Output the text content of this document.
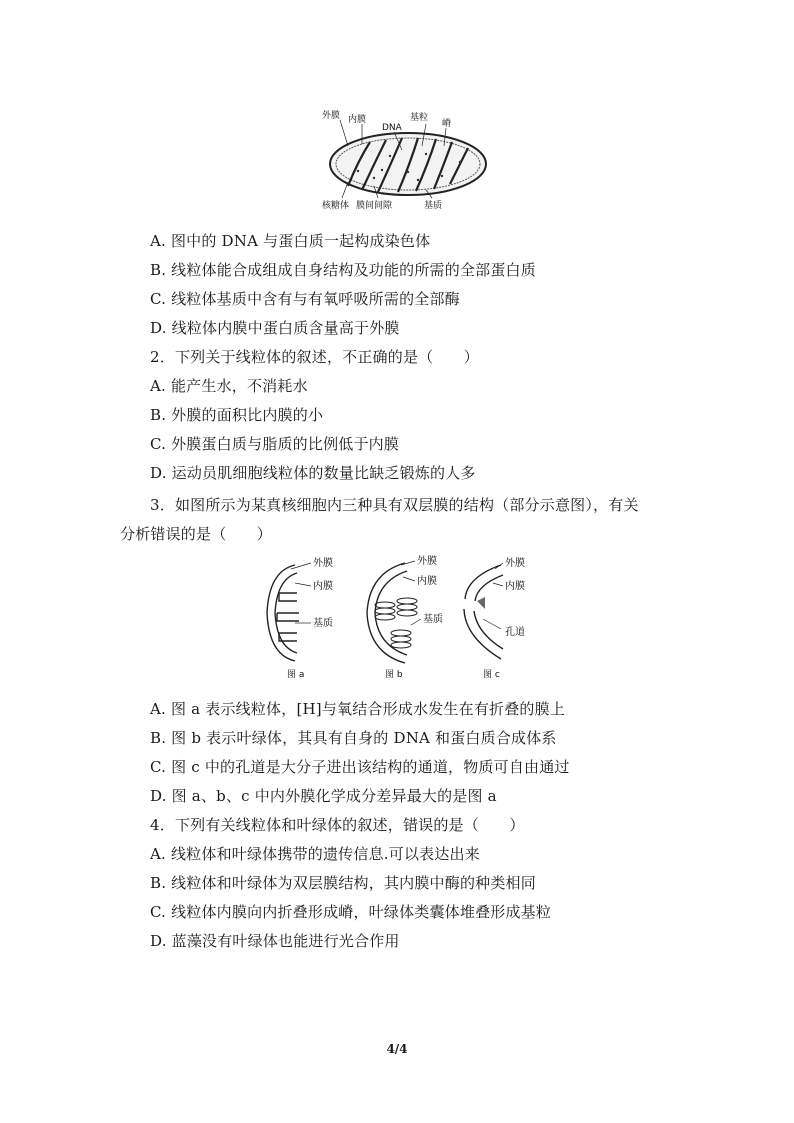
外膜 内膜
DNA
基粒
嵴
核糖体 膜间间隙	基质
A. 图中的 DNA 与蛋白质一起构成染色体
B. 线粒体能合成组成自身结构及功能的所需的全部蛋白质
C. 线粒体基质中含有与有氧呼吸所需的全部酶
D. 线粒体内膜中蛋白质含量高于外膜
2．下列关于线粒体的叙述，不正确的是（　　）
A. 能产生水，不消耗水
B. 外膜的面积比内膜的小
C. 外膜蛋白质与脂质的比例低于内膜
D. 运动员肌细胞线粒体的数量比缺乏锻炼的人多
3．如图所示为某真核细胞内三种具有双层膜的结构（部分示意图），有关
分析错误的是（　　）
外膜
内膜
基质
图 a
外膜
内膜
基质
图 b
外膜
内膜
孔道
图 c
A. 图 a 表示线粒体，[H]与氧结合形成水发生在有折叠的膜上
B. 图 b 表示叶绿体，其具有自身的 DNA 和蛋白质合成体系
C. 图 c 中的孔道是大分子进出该结构的通道，物质可自由通过
D. 图 a、b、c 中内外膜化学成分差异最大的是图 a
4．下列有关线粒体和叶绿体的叙述，错误的是（　　）
A. 线粒体和叶绿体携带的遗传信息.可以表达出来
B. 线粒体和叶绿体为双层膜结构，其内膜中酶的种类相同
C. 线粒体内膜向内折叠形成嵴，叶绿体类囊体堆叠形成基粒
D. 蓝藻没有叶绿体也能进行光合作用
4/4
